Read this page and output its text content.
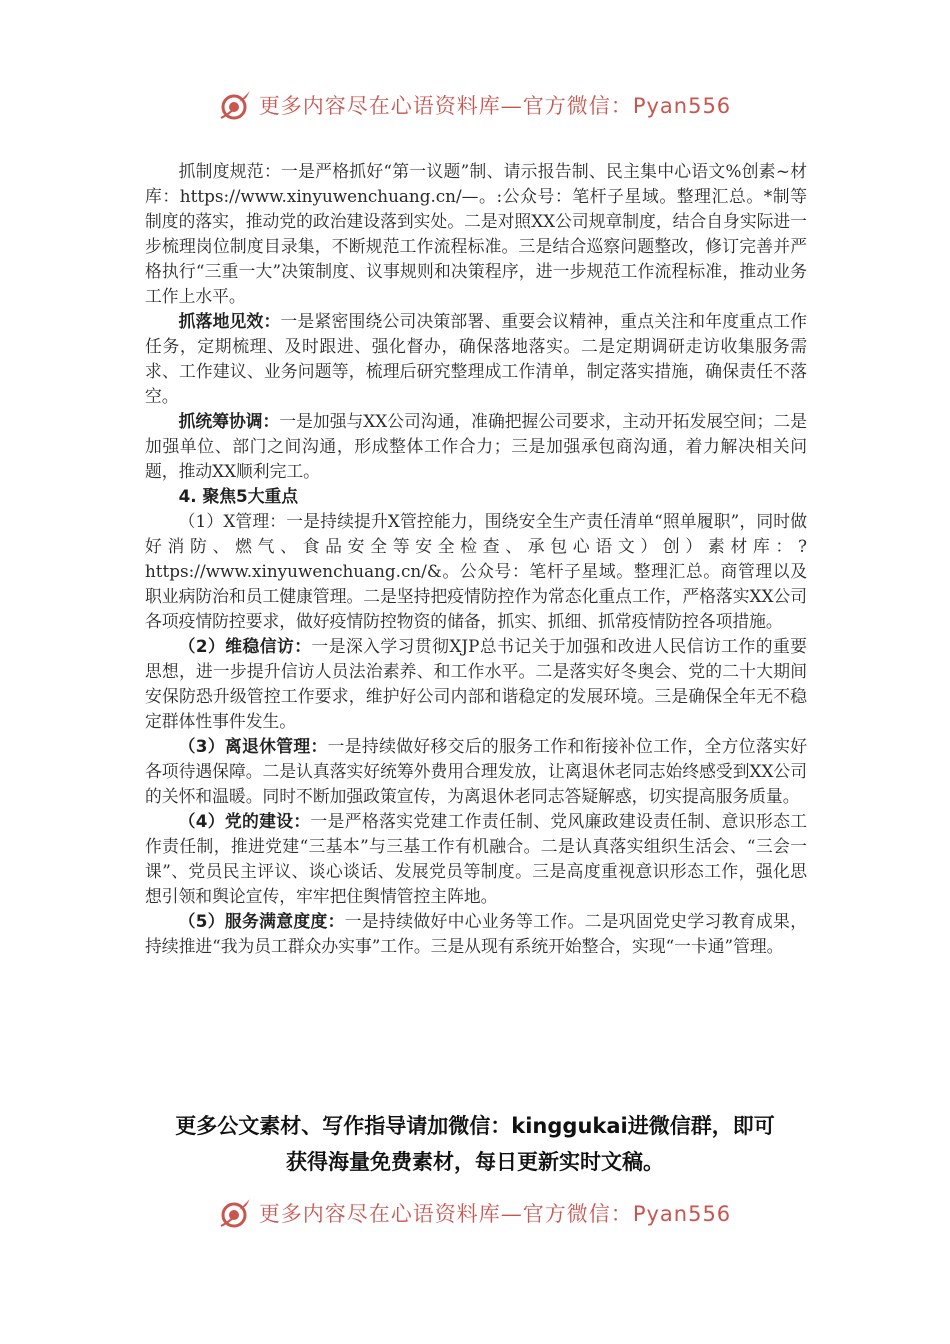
更多内容尽在心语资料库—官方微信：Pyan556

抓制度规范：一是严格抓好“第一议题”制、请示报告制、民主集中心语文%创素~材库：https://www.xinyuwenchuang.cn/—。:公众号：笔杆子星域。整理汇总。*制等制度的落实，推动党的政治建设落到实处。二是对照XX公司规章制度，结合自身实际进一步梳理岗位制度目录集，不断规范工作流程标准。三是结合巡察问题整改，修订完善并严格执行“三重一大”决策制度、议事规则和决策程序，进一步规范工作流程标准，推动业务工作上水平。

抓落地见效：一是紧密围绕公司决策部署、重要会议精神，重点关注和年度重点工作任务，定期梳理、及时跟进、强化督办，确保落地落实。二是定期调研走访收集服务需求、工作建议、业务问题等，梳理后研究整理成工作清单，制定落实措施，确保责任不落空。

抓统筹协调：一是加强与XX公司沟通，准确把握公司要求，主动开拓发展空间；二是加强单位、部门之间沟通，形成整体工作合力；三是加强承包商沟通，着力解决相关问题，推动XX顺利完工。

4. 聚焦5大重点

（1）X管理：一是持续提升X管控能力，围绕安全生产责任清单“照单履职”，同时做好消防、燃气、食品安全等安全检查、承包心语文）创）素材库：?https://www.xinyuwenchuang.cn/&。公众号：笔杆子星域。整理汇总。商管理以及职业病防治和员工健康管理。二是坚持把疫情防控作为常态化重点工作，严格落实XX公司各项疫情防控要求，做好疫情防控物资的储备，抓实、抓细、抓常疫情防控各项措施。

（2）维稳信访：一是深入学习贯彻XJP总书记关于加强和改进人民信访工作的重要思想，进一步提升信访人员法治素养、和工作水平。二是落实好冬奥会、党的二十大期间安保防恐升级管控工作要求，维护好公司内部和谐稳定的发展环境。三是确保全年无不稳定群体性事件发生。

（3）离退休管理：一是持续做好移交后的服务工作和衔接补位工作，全方位落实好各项待遇保障。二是认真落实好统筹外费用合理发放，让离退休老同志始终感受到XX公司的关怀和温暖。同时不断加强政策宣传，为离退休老同志答疑解惑，切实提高服务质量。

（4）党的建设：一是严格落实党建工作责任制、党风廉政建设责任制、意识形态工作责任制，推进党建“三基本”与三基工作有机融合。二是认真落实组织生活会、“三会一课”、党员民主评议、谈心谈话、发展党员等制度。三是高度重视意识形态工作，强化思想引领和舆论宣传，牢牢把住舆情管控主阵地。

（5）服务满意度度：一是持续做好中心业务等工作。二是巩固党史学习教育成果，持续推进“我为员工群众办实事”工作。三是从现有系统开始整合，实现“一卡通”管理。

更多公文素材、写作指导请加微信：kinggukai进微信群，即可
获得海量免费素材，每日更新实时文稿。
更多内容尽在心语资料库—官方微信：Pyan556
